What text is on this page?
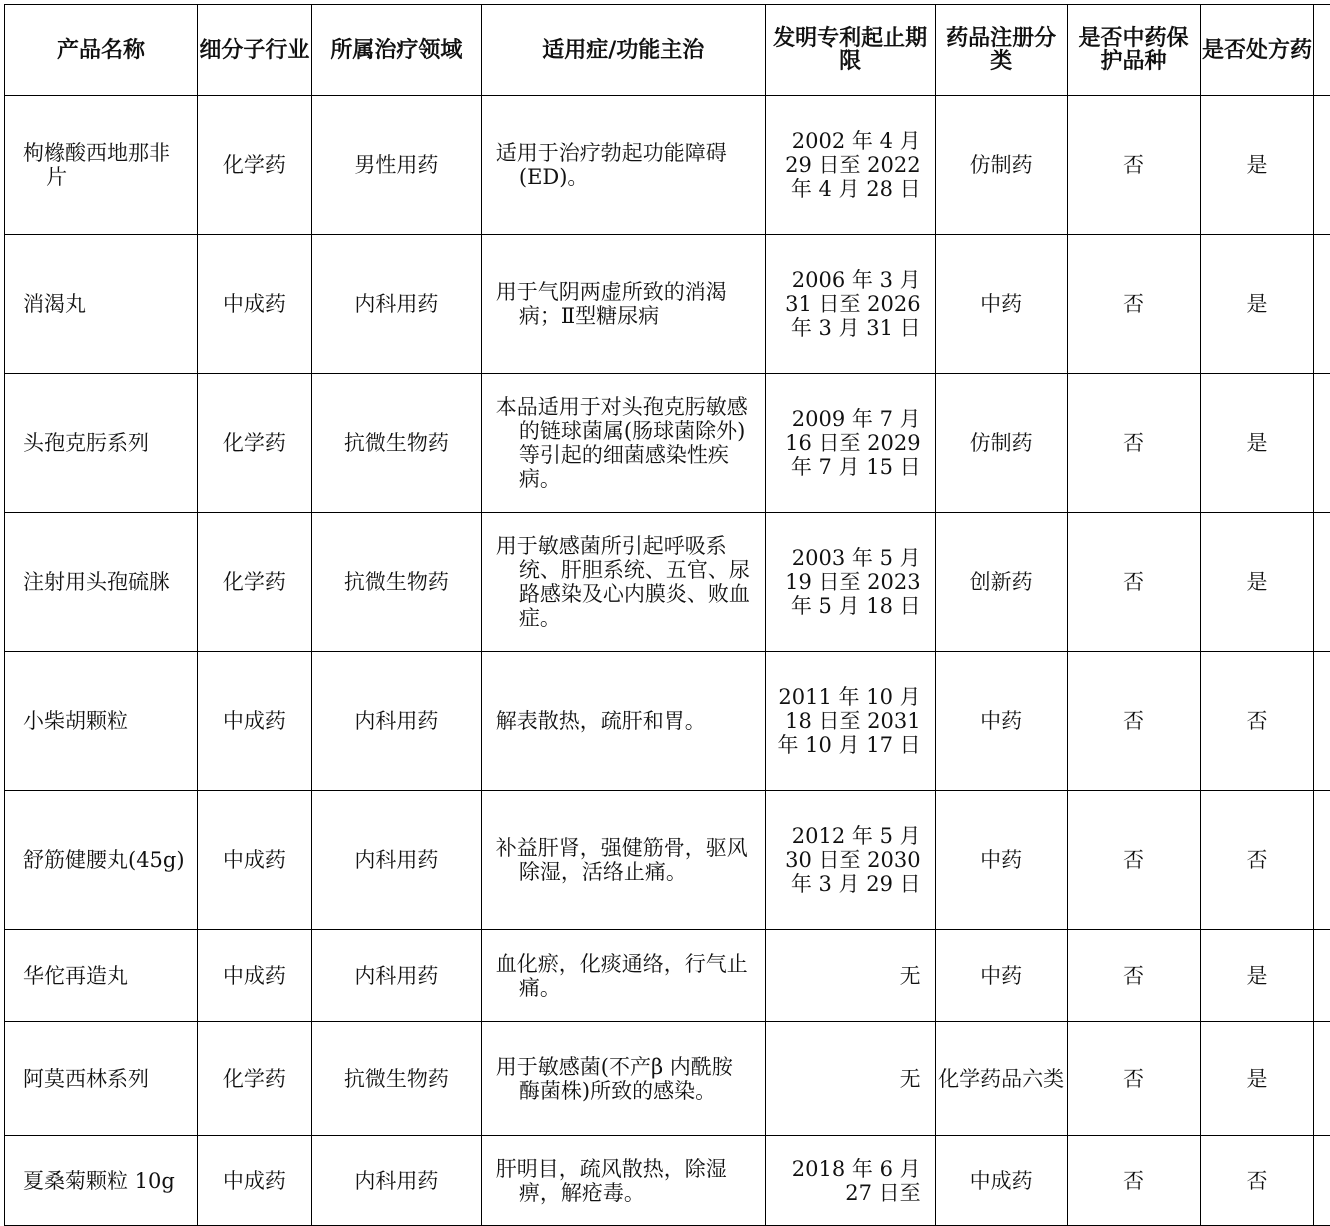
产品名称	细分子行业	所属治疗领域	适用症/功能主治	发明专利起止期限	药品注册分类	是否中药保护品种	是否处方药	

枸橼酸西地那非片	化学药	男性用药	适用于治疗勃起功能障碍(ED)。	2002 年 4 月 29 日至 2022 年 4 月 28 日	仿制药	否	是	
消渴丸	中成药	内科用药	用于气阴两虚所致的消渴病；Ⅱ型糖尿病	2006 年 3 月 31 日至 2026 年 3 月 31 日	中药	否	是	
头孢克肟系列	化学药	抗微生物药	本品适用于对头孢克肟敏感的链球菌属(肠球菌除外)等引起的细菌感染性疾病。	2009 年 7 月 16 日至 2029 年 7 月 15 日	仿制药	否	是	

注射用头孢硫脒	化学药	抗微生物药	用于敏感菌所引起呼吸系统、肝胆系统、五官、尿路感染及心内膜炎、败血症。	2003 年 5 月 19 日至 2023 年 5 月 18 日	创新药	否	是	
小柴胡颗粒	中成药	内科用药	解表散热，疏肝和胃。	2011 年 10 月 18 日至 2031 年 10 月 17 日	中药	否	否	
舒筋健腰丸(45g)	中成药	内科用药	补益肝肾，强健筋骨，驱风除湿，活络止痛。	2012 年 5 月 30 日至 2030 年 3 月 29 日	中药	否	否	
华佗再造丸	中成药	内科用药	血化瘀，化痰通络，行气止痛。	无	中药	否	是	
阿莫西林系列	化学药	抗微生物药	用于敏感菌(不产β 内酰胺酶菌株)所致的感染。	无	化学药品六类	否	是	

夏桑菊颗粒 10g	中成药	内科用药	肝明目，疏风散热，除湿痹，解疮毒。	2018 年 6 月 27 日至	中成药	否	否	
